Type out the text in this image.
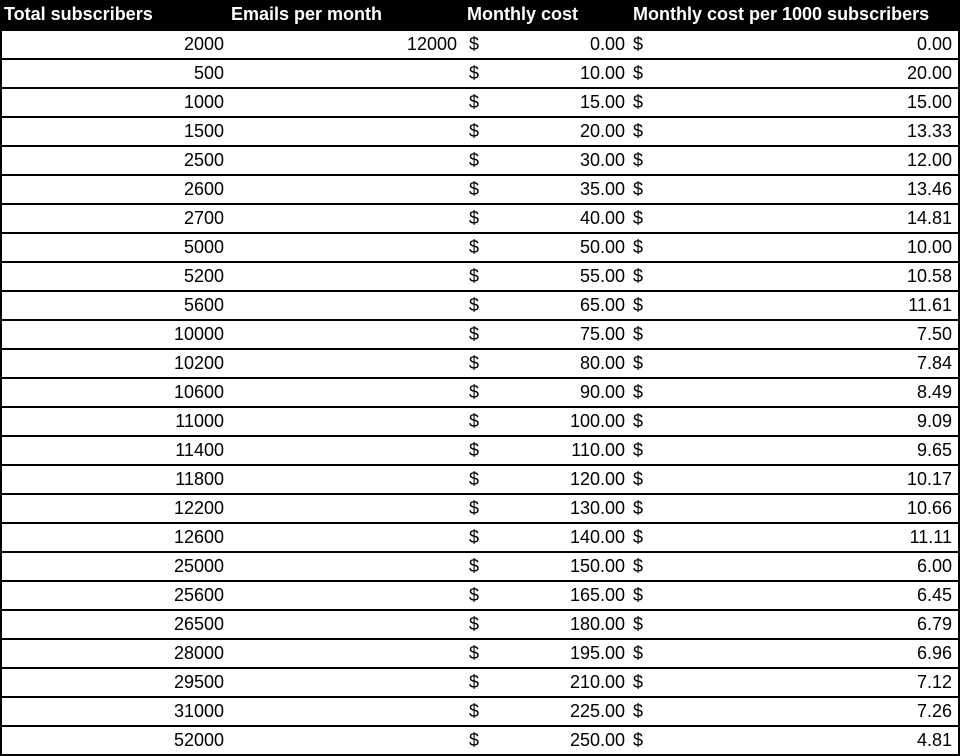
Total subscribers	Emails per month	Monthly cost	Monthly cost per 1000 subscribers
2000	12000 $	0.00 $	0.00
500	$	10.00 $	20.00
1000	$	15.00 $	15.00
1500	$	20.00 $	13.33
2500	$	30.00 $	12.00
2600	$	35.00 $	13.46
2700	$	40.00 $	14.81
5000	$	50.00 $	10.00
5200	$	55.00 $	10.58
5600	$	65.00 $	11.61
10000	$	75.00 $	7.50
10200	$	80.00 $	7.84
10600	$	90.00 $	8.49
11000	$	100.00 $	9.09
11400	$	110.00 $	9.65
11800	$	120.00 $	10.17
12200	$	130.00 $	10.66
12600	$	140.00 $	11.11
25000	$	150.00 $	6.00
25600	$	165.00 $	6.45
26500	$	180.00 $	6.79
28000	$	195.00 $	6.96
29500	$	210.00 $	7.12
31000	$	225.00 $	7.26
52000	$	250.00 $	4.81
